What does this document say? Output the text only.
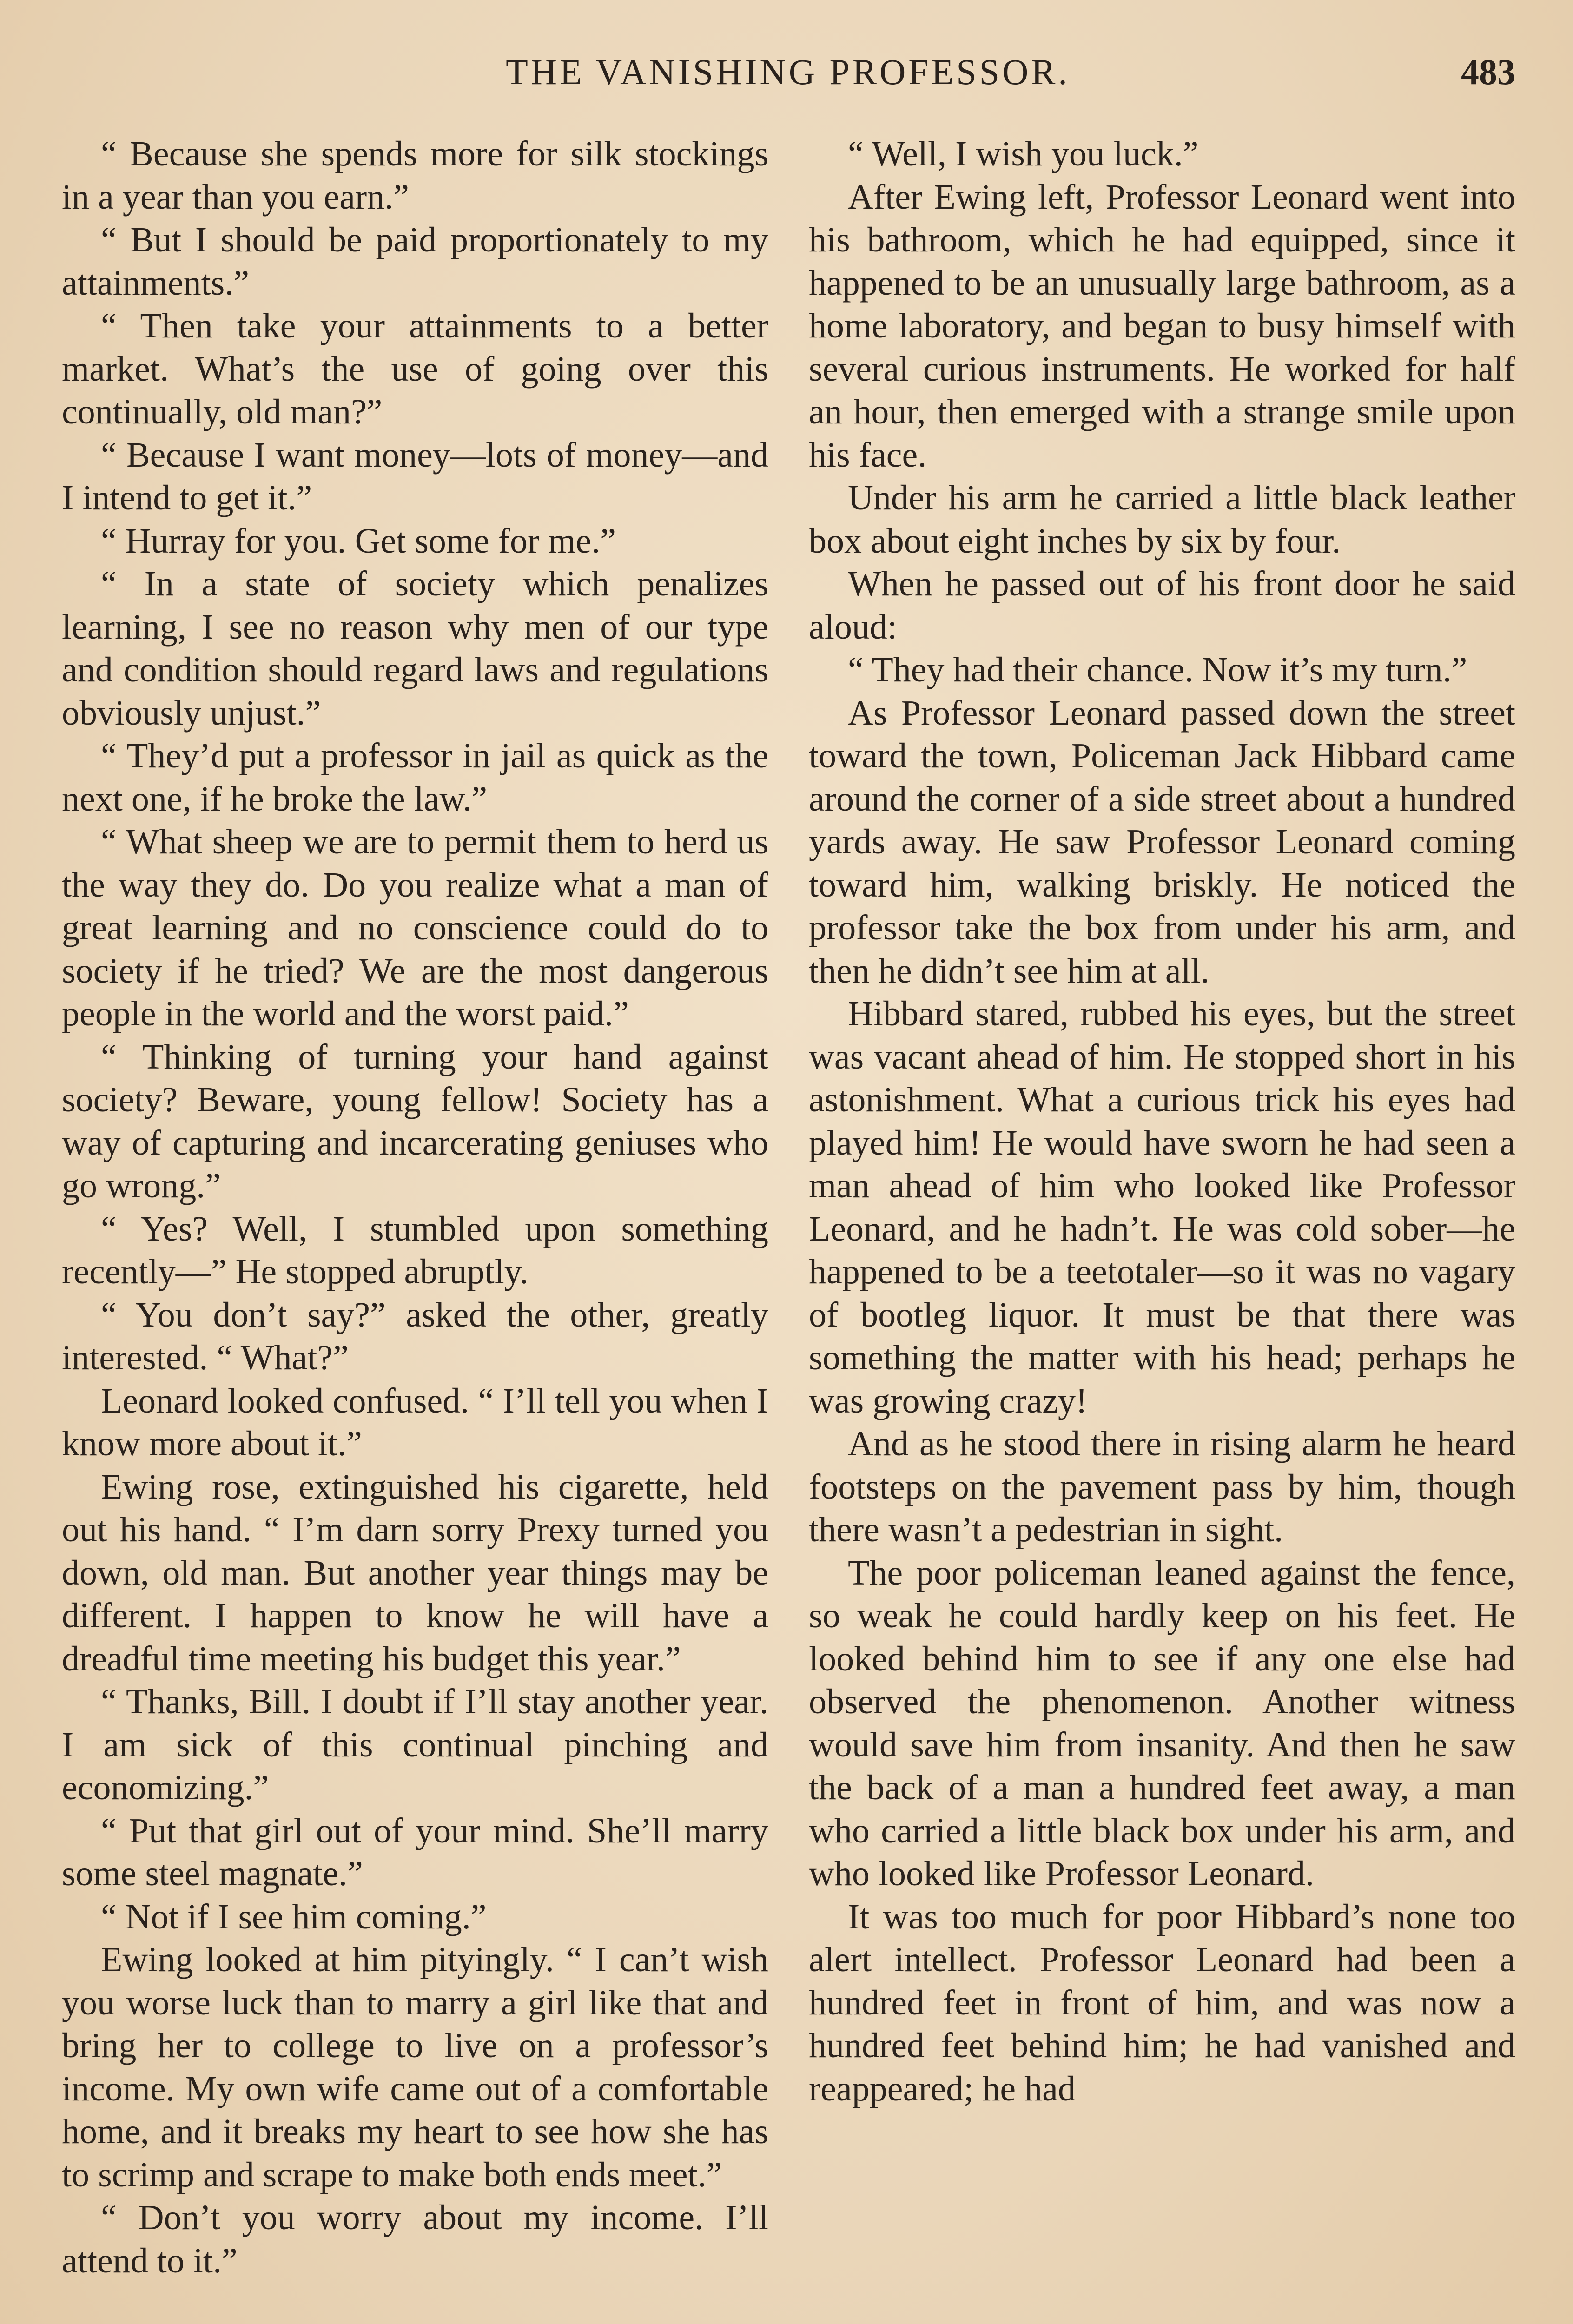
THE VANISHING PROFESSOR.	483

“ Because she spends more for silk stockings in a year than you earn.”

“ But I should be paid proportionately to my attainments.”

“ Then take your attainments to a better market. What’s the use of going over this continually, old man?”

“ Because I want money—lots of money—and I intend to get it.”

“ Hurray for you. Get some for me.”

“ In a state of society which penalizes learning, I see no reason why men of our type and condition should regard laws and regulations obviously unjust.”

“ They’d put a professor in jail as quick as the next one, if he broke the law.”

“ What sheep we are to permit them to herd us the way they do. Do you realize what a man of great learning and no conscience could do to society if he tried? We are the most dangerous people in the world and the worst paid.”

“ Thinking of turning your hand against society? Beware, young fellow! Society has a way of capturing and incarcerating geniuses who go wrong.”

“ Yes? Well, I stumbled upon something recently—” He stopped abruptly.

“ You don’t say?” asked the other, greatly interested. “ What?”

Leonard looked confused. “ I’ll tell you when I know more about it.”

Ewing rose, extinguished his cigarette, held out his hand. “ I’m darn sorry Prexy turned you down, old man. But another year things may be different. I happen to know he will have a dreadful time meeting his budget this year.”

“ Thanks, Bill. I doubt if I’ll stay another year. I am sick of this continual pinching and economizing.”

“ Put that girl out of your mind. She’ll marry some steel magnate.”

“ Not if I see him coming.”

Ewing looked at him pityingly. “ I can’t wish you worse luck than to marry a girl like that and bring her to college to live on a professor’s income. My own wife came out of a comfortable home, and it breaks my heart to see how she has to scrimp and scrape to make both ends meet.”

“ Don’t you worry about my income. I’ll attend to it.”

“ Well, I wish you luck.”

After Ewing left, Professor Leonard went into his bathroom, which he had equipped, since it happened to be an unusually large bathroom, as a home laboratory, and began to busy himself with several curious instruments. He worked for half an hour, then emerged with a strange smile upon his face.

Under his arm he carried a little black leather box about eight inches by six by four.

When he passed out of his front door he said aloud:

“ They had their chance. Now it’s my turn.”

As Professor Leonard passed down the street toward the town, Policeman Jack Hibbard came around the corner of a side street about a hundred yards away. He saw Professor Leonard coming toward him, walking briskly. He noticed the professor take the box from under his arm, and then he didn’t see him at all.

Hibbard stared, rubbed his eyes, but the street was vacant ahead of him. He stopped short in his astonishment. What a curious trick his eyes had played him! He would have sworn he had seen a man ahead of him who looked like Professor Leonard, and he hadn’t. He was cold sober—he happened to be a teetotaler—so it was no vagary of bootleg liquor. It must be that there was something the matter with his head; perhaps he was growing crazy!

And as he stood there in rising alarm he heard footsteps on the pavement pass by him, though there wasn’t a pedestrian in sight.

The poor policeman leaned against the fence, so weak he could hardly keep on his feet. He looked behind him to see if any one else had observed the phenomenon. Another witness would save him from insanity. And then he saw the back of a man a hundred feet away, a man who carried a little black box under his arm, and who looked like Professor Leonard.

It was too much for poor Hibbard’s none too alert intellect. Professor Leonard had been a hundred feet in front of him, and was now a hundred feet behind him; he had vanished and reappeared; he had
